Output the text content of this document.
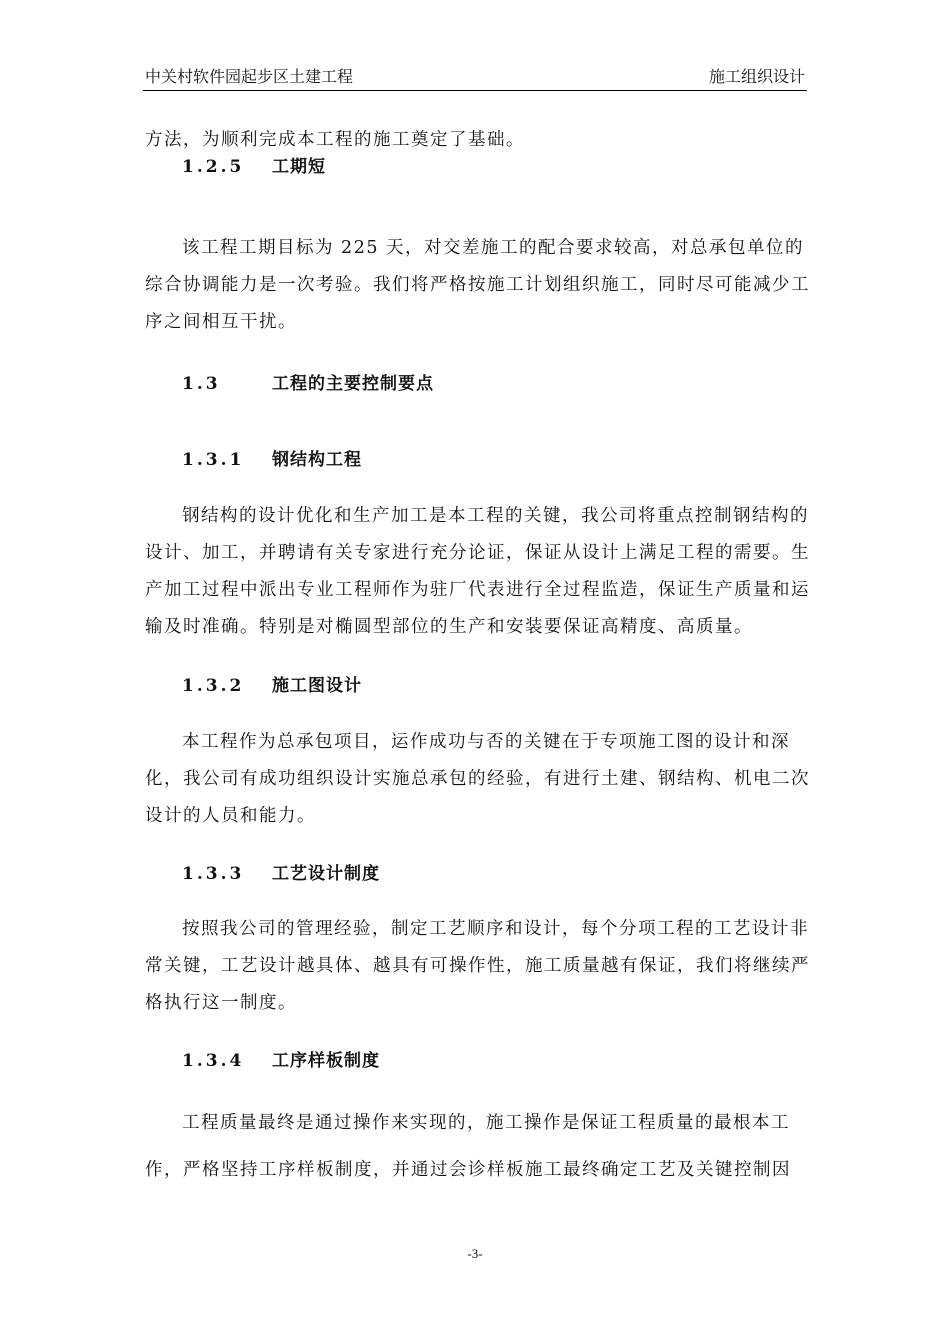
中关村软件园起步区土建工程	施工组织设计
方法，为顺利完成本工程的施工奠定了基础。
1.2.5 工期短
该工程工期目标为 225 天，对交差施工的配合要求较高，对总承包单位的综合协调能力是一次考验。我们将严格按施工计划组织施工，同时尽可能减少工序之间相互干扰。
1.3	工程的主要控制要点
1.3.1 钢结构工程
钢结构的设计优化和生产加工是本工程的关键，我公司将重点控制钢结构的设计、加工，并聘请有关专家进行充分论证，保证从设计上满足工程的需要。生产加工过程中派出专业工程师作为驻厂代表进行全过程监造，保证生产质量和运输及时准确。特别是对椭圆型部位的生产和安装要保证高精度、高质量。
1.3.2 施工图设计
本工程作为总承包项目，运作成功与否的关键在于专项施工图的设计和深化，我公司有成功组织设计实施总承包的经验，有进行土建、钢结构、机电二次设计的人员和能力。
1.3.3 工艺设计制度
按照我公司的管理经验，制定工艺顺序和设计，每个分项工程的工艺设计非常关键，工艺设计越具体、越具有可操作性，施工质量越有保证，我们将继续严格执行这一制度。
1.3.4 工序样板制度
工程质量最终是通过操作来实现的，施工操作是保证工程质量的最根本工作，严格坚持工序样板制度，并通过会诊样板施工最终确定工艺及关键控制因
-3-
